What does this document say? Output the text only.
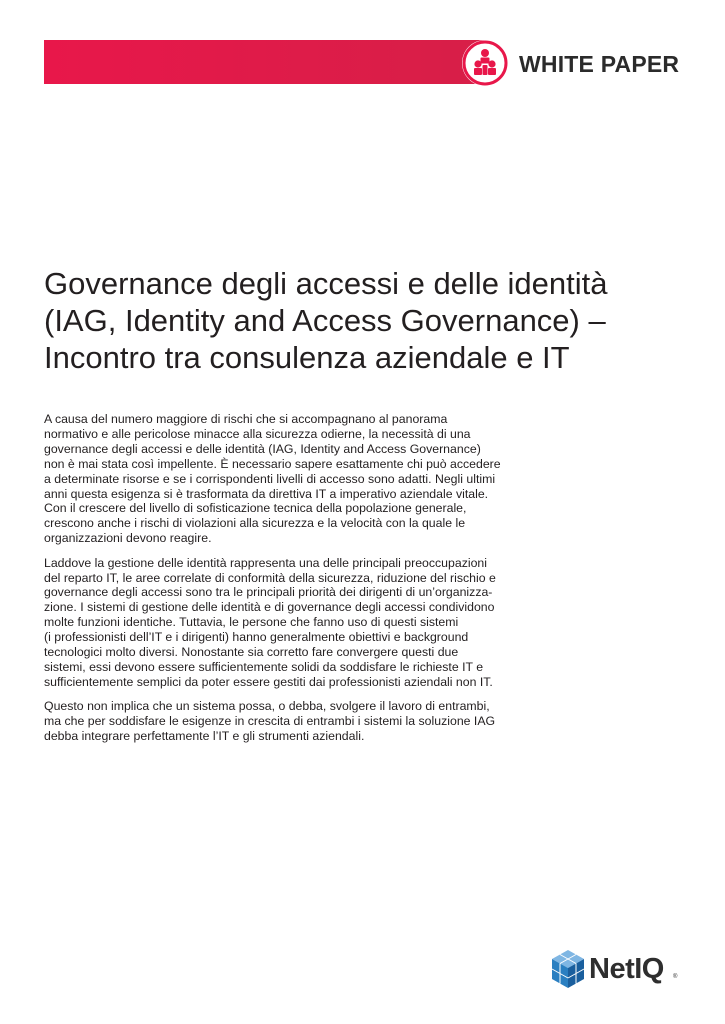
WHITE PAPER
Governance degli accessi e delle identità
(IAG, Identity and Access Governance) –
Incontro tra consulenza aziendale e IT

A causa del numero maggiore di rischi che si accompagnano al panorama
normativo e alle pericolose minacce alla sicurezza odierne, la necessità di una
governance degli accessi e delle identità (IAG, Identity and Access Governance)
non è mai stata così impellente. È necessario sapere esattamente chi può accedere
a determinate risorse e se i corrispondenti livelli di accesso sono adatti. Negli ultimi
anni questa esigenza si è trasformata da direttiva IT a imperativo aziendale vitale.
Con il crescere del livello di sofisticazione tecnica della popolazione generale,
crescono anche i rischi di violazioni alla sicurezza e la velocità con la quale le
organizzazioni devono reagire.

Laddove la gestione delle identità rappresenta una delle principali preoccupazioni
del reparto IT, le aree correlate di conformità della sicurezza, riduzione del rischio e
governance degli accessi sono tra le principali priorità dei dirigenti di un’organizza-
zione. I sistemi di gestione delle identità e di governance degli accessi condividono
molte funzioni identiche. Tuttavia, le persone che fanno uso di questi sistemi
(i professionisti dell’IT e i dirigenti) hanno generalmente obiettivi e background
tecnologici molto diversi. Nonostante sia corretto fare convergere questi due
sistemi, essi devono essere sufficientemente solidi da soddisfare le richieste IT e
sufficientemente semplici da poter essere gestiti dai professionisti aziendali non IT.

Questo non implica che un sistema possa, o debba, svolgere il lavoro di entrambi,
ma che per soddisfare le esigenze in crescita di entrambi i sistemi la soluzione IAG
debba integrare perfettamente l’IT e gli strumenti aziendali.

NetIQ ®
